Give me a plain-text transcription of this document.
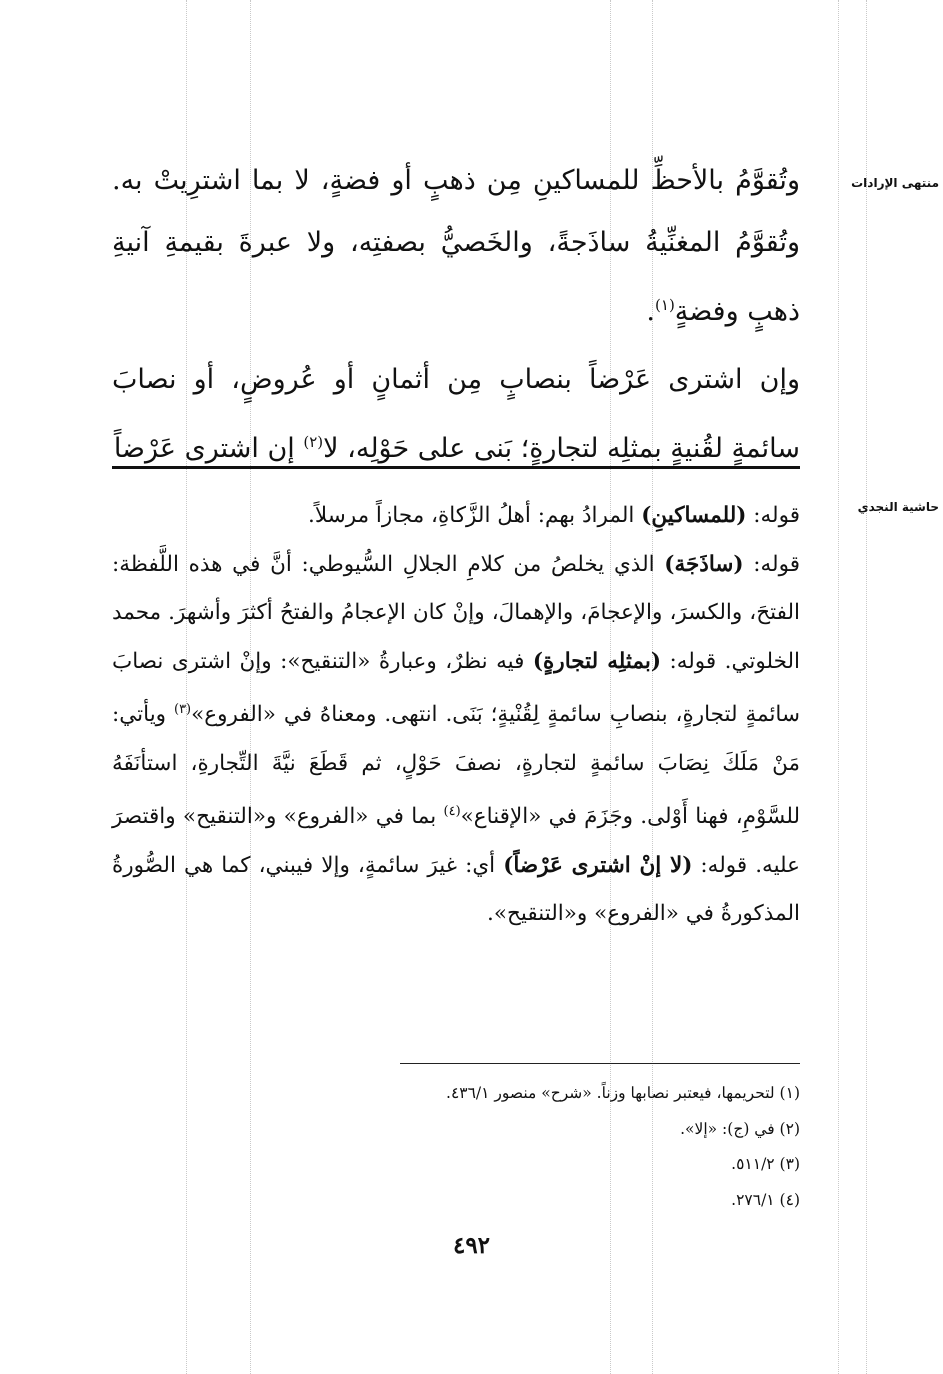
منتهى الإرادات
حاشية النجدي

وتُقوَّمُ بالأحظِّ للمساكينِ مِن ذهبٍ أو فضةٍ، لا بما اشترِيتْ به. وتُقوَّمُ المغنِّيةُ ساذَجةً، والخَصيُّ بصفتِه، ولا عبرةَ بقيمةِ آنيةِ ذهبٍ وفضةٍ$^{(١)}$.

وإن اشترى عَرْضاً بنصابٍ مِن أثمانٍ أو عُروضٍ، أو نصابَ سائمةٍ لقُنيةٍ بمثلِه لتجارةٍ؛ بَنى على حَوْلِه، لا$^{(٢)}$ إن اشترى عَرْضاً

قوله: (للمساكينِ) المرادُ بهم: أهلُ الزَّكاةِ، مجازاً مرسلاً.

قوله: (ساذَجَة) الذي يخلصُ من كلامِ الجلالِ السُّيوطي: أنَّ في هذه اللَّفظة: الفتحَ، والكسرَ، والإعجامَ، والإهمالَ، وإنْ كان الإعجامُ والفتحُ أكثرَ وأشهرَ. محمد الخلوتي. قوله: (بمثلِه لتجارةٍ) فيه نظرٌ، وعبارةُ «التنقيح»: وإنْ اشترى نصابَ سائمةٍ لتجارةٍ، بنصابِ سائمةٍ لِقُنْيةٍ؛ بَنَى. انتهى. ومعناهُ في «الفروع»$^{(٣)}$ ويأتي: مَنْ مَلَكَ نِصَابَ سائمةٍ لتجارةٍ، نصفَ حَوْلٍ، ثم قَطَعَ نيَّةَ التِّجارةِ، استأنَفَهُ للسَّوْمِ، فهنا أَوْلى. وجَزَمَ في «الإقناع»$^{(٤)}$ بما في «الفروع» و«التنقيح» واقتصرَ عليه. قوله: (لا إنْ اشترى عَرْضاً) أي: غيرَ سائمةٍ، وإلا فيبني، كما هي الصُّورةُ المذكورةُ في «الفروع» و«التنقيح».

(١) لتحريمها، فيعتبر نصابها وزناً. «شرح» منصور ٤٣٦/١.
(٢) في (ج): «إلا».
(٣) ٥١١/٢.
(٤) ٢٧٦/١.
٤٩٢
